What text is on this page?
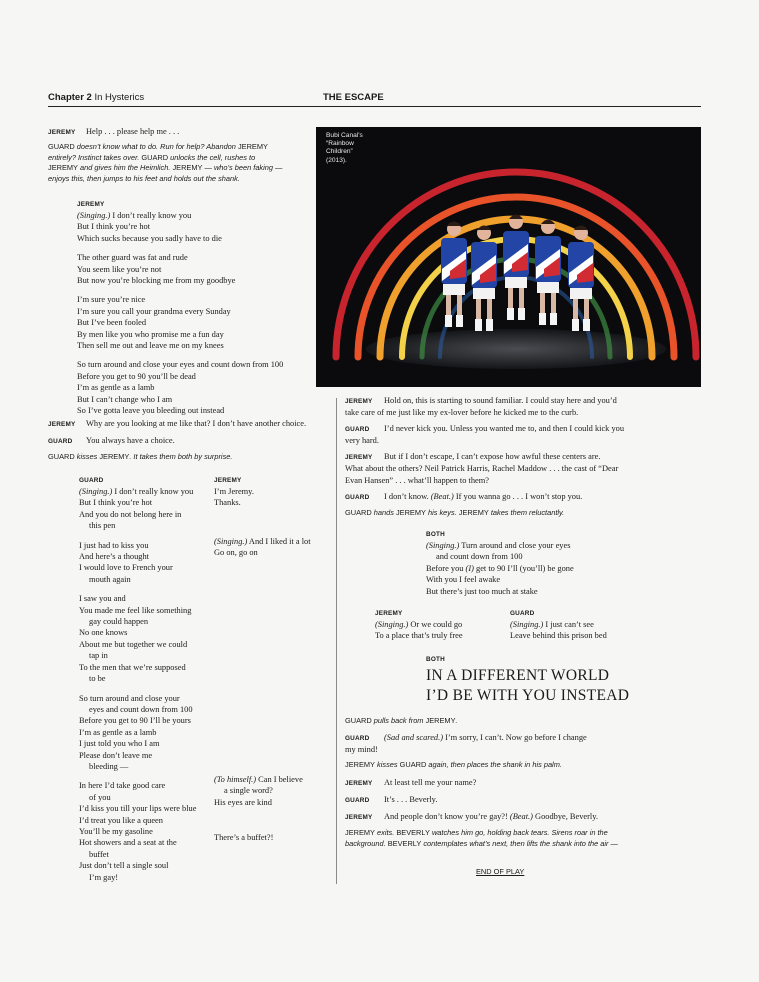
Chapter 2 In Hysterics	THE ESCAPE
JEREMY Help . . . please help me . . .
GUARD doesn’t know what to do. Run for help? Abandon JEREMY
entirely? Instinct takes over. GUARD unlocks the cell, rushes to
JEREMY and gives him the Heimlich. JEREMY — who’s been faking —
enjoys this, then jumps to his feet and holds out the shank.
JEREMY
(Singing.) I don’t really know you
But I think you’re hot
Which sucks because you sadly have to die
The other guard was fat and rude
You seem like you’re not
But now you’re blocking me from my goodbye
I’m sure you’re nice
I’m sure you call your grandma every Sunday
But I’ve been fooled
By men like you who promise me a fun day
Then sell me out and leave me on my knees
So turn around and close your eyes and count down from 100
Before you get to 90 you’ll be dead
I’m as gentle as a lamb
But I can’t change who I am
So I’ve gotta leave you bleeding out instead
JEREMY Why are you looking at me like that? I don’t have another choice.
GUARD You always have a choice.
GUARD kisses JEREMY. It takes them both by surprise.
GUARD
(Singing.) I don’t really know you
But I think you’re hot
And you do not belong here in
this pen
I just had to kiss you
And here’s a thought
I would love to French your
mouth again
I saw you and
You made me feel like something
gay could happen
No one knows
About me but together we could
tap in
To the men that we’re supposed
to be
So turn around and close your
eyes and count down from 100
Before you get to 90 I’ll be yours
I’m as gentle as a lamb
I just told you who I am
Please don’t leave me
bleeding —
In here I’d take good care
of you
I’d kiss you till your lips were blue
I’d treat you like a queen
You’ll be my gasoline
Hot showers and a seat at the
buffet
Just don’t tell a single soul
I’m gay!
JEREMY
I’m Jeremy.
Thanks.
(Singing.) And I liked it a lot
Go on, go on
(To himself.) Can I believe
a single word?
His eyes are kind
There’s a buffet?!
Bubi Canal's
“Rainbow
Children”
(2013).
JEREMY Hold on, this is starting to sound familiar. I could stay here and you’d
take care of me just like my ex-lover before he kicked me to the curb.
GUARD I’d never kick you. Unless you wanted me to, and then I could kick you
very hard.
JEREMY But if I don’t escape, I can’t expose how awful these centers are.
What about the others? Neil Patrick Harris, Rachel Maddow . . . the cast of “Dear
Evan Hansen” . . . what’ll happen to them?
GUARD I don’t know. (Beat.) If you wanna go . . . I won’t stop you.
GUARD hands JEREMY his keys. JEREMY takes them reluctantly.
BOTH
(Singing.) Turn around and close your eyes
and count down from 100
Before you (I) get to 90 I’ll (you’ll) be gone
With you I feel awake
But there’s just too much at stake
JEREMY
(Singing.) Or we could go
To a place that’s truly free
GUARD
(Singing.) I just can’t see
Leave behind this prison bed
BOTH
IN A DIFFERENT WORLD
I’D BE WITH YOU INSTEAD
GUARD pulls back from JEREMY.
GUARD (Sad and scared.) I’m sorry, I can’t. Now go before I change
my mind!
JEREMY kisses GUARD again, then places the shank in his palm.
JEREMY At least tell me your name?
GUARD It’s . . . Beverly.
JEREMY And people don’t know you’re gay?! (Beat.) Goodbye, Beverly.
JEREMY exits. BEVERLY watches him go, holding back tears. Sirens roar in the
background. BEVERLY contemplates what’s next, then lifts the shank into the air —
END OF PLAY
